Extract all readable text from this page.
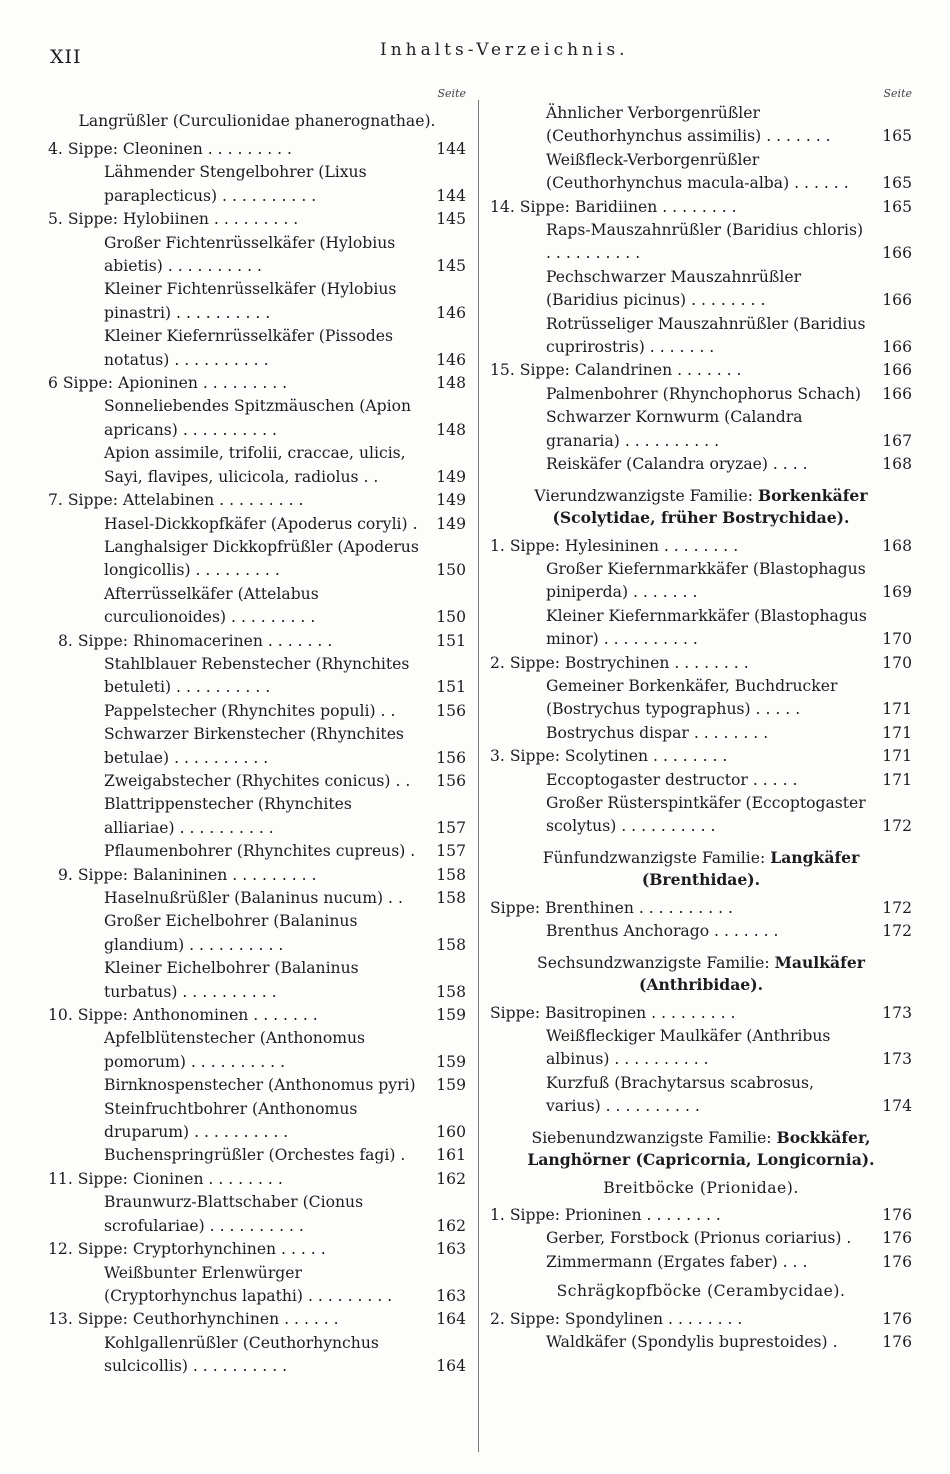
XII	Inhalts-Verzeichnis.
Seite
Langrüßler (Curculionidae phanerognathae).
4. Sippe: Cleoninen . . . . . . . . .	144
Lähmender Stengelbohrer (Lixus paraplecticus) . . . . . . . . . .	144
5. Sippe: Hylobiinen . . . . . . . . .	145
Großer Fichtenrüsselkäfer (Hylobius abietis) . . . . . . . . . .	145
Kleiner Fichtenrüsselkäfer (Hylobius pinastri) . . . . . . . . . .	146
Kleiner Kiefernrüsselkäfer (Pissodes notatus) . . . . . . . . . .	146
6 Sippe: Apioninen . . . . . . . . .	148
Sonneliebendes Spitzmäuschen (Apion apricans) . . . . . . . . . .	148
Apion assimile, trifolii, craccae, ulicis, Sayi, flavipes, ulicicola, radiolus . .	149
7. Sippe: Attelabinen . . . . . . . . .	149
Hasel-Dickkopfkäfer (Apoderus coryli) .	149
Langhalsiger Dickkopfrüßler (Apoderus longicollis) . . . . . . . . .	150
Afterrüsselkäfer (Attelabus curculionoides) . . . . . . . . .	150
8. Sippe: Rhinomacerinen . . . . . . .	151
Stahlblauer Rebenstecher (Rhynchites betuleti) . . . . . . . . . .	151
Pappelstecher (Rhynchites populi) . .	156
Schwarzer Birkenstecher (Rhynchites betulae) . . . . . . . . . .	156
Zweigabstecher (Rhychites conicus) . .	156
Blattrippenstecher (Rhynchites alliariae) . . . . . . . . . .	157
Pflaumenbohrer (Rhynchites cupreus) .	157
9. Sippe: Balanininen . . . . . . . . .	158
Haselnußrüßler (Balaninus nucum) . .	158
Großer Eichelbohrer (Balaninus glandium) . . . . . . . . . .	158
Kleiner Eichelbohrer (Balaninus turbatus) . . . . . . . . . .	158
10. Sippe: Anthonominen . . . . . . .	159
Apfelblütenstecher (Anthonomus pomorum) . . . . . . . . . .	159
Birnknospenstecher (Anthonomus pyri)	159
Steinfruchtbohrer (Anthonomus druparum) . . . . . . . . . .	160
Buchenspringrüßler (Orchestes fagi) .	161
11. Sippe: Cioninen . . . . . . . .	162
Braunwurz-Blattschaber (Cionus scrofulariae) . . . . . . . . . .	162
12. Sippe: Cryptorhynchinen . . . . .	163
Weißbunter Erlenwürger (Cryptorhynchus lapathi) . . . . . . . . .	163
13. Sippe: Ceuthorhynchinen . . . . . .	164
Kohlgallenrüßler (Ceuthorhynchus sulcicollis) . . . . . . . . . .	164
Seite
Ähnlicher Verborgenrüßler (Ceuthorhynchus assimilis) . . . . . . .	165
Weißfleck-Verborgenrüßler (Ceuthorhynchus macula-alba) . . . . . .	165
14. Sippe: Baridiinen . . . . . . . .	165
Raps-Mauszahnrüßler (Baridius chloris) . . . . . . . . . .	166
Pechschwarzer Mauszahnrüßler (Baridius picinus) . . . . . . . .	166
Rotrüsseliger Mauszahnrüßler (Baridius cuprirostris) . . . . . . .	166
15. Sippe: Calandrinen . . . . . . .	166
Palmenbohrer (Rhynchophorus Schach)	166
Schwarzer Kornwurm (Calandra granaria) . . . . . . . . . .	167
Reiskäfer (Calandra oryzae) . . . .	168
Vierundzwanzigste Familie: Borkenkäfer (Scolytidae, früher Bostrychidae).
1. Sippe: Hylesininen . . . . . . . .	168
Großer Kiefernmarkkäfer (Blastophagus piniperda) . . . . . . .	169
Kleiner Kiefernmarkkäfer (Blastophagus minor) . . . . . . . . . .	170
2. Sippe: Bostrychinen . . . . . . . .	170
Gemeiner Borkenkäfer, Buchdrucker (Bostrychus typographus) . . . . .	171
Bostrychus dispar . . . . . . . .	171
3. Sippe: Scolytinen . . . . . . . .	171
Eccoptogaster destructor . . . . .	171
Großer Rüsterspintkäfer (Eccoptogaster scolytus) . . . . . . . . . .	172
Fünfundzwanzigste Familie: Langkäfer (Brenthidae).
Sippe: Brenthinen . . . . . . . . . .	172
Brenthus Anchorago . . . . . . .	172
Sechsundzwanzigste Familie: Maulkäfer (Anthribidae).
Sippe: Basitropinen . . . . . . . . .	173
Weißfleckiger Maulkäfer (Anthribus albinus) . . . . . . . . . .	173
Kurzfuß (Brachytarsus scabrosus, varius) . . . . . . . . . .	174
Siebenundzwanzigste Familie: Bockkäfer, Langhörner (Capricornia, Longicornia).
Breitböcke (Prionidae).
1. Sippe: Prioninen . . . . . . . .	176
Gerber, Forstbock (Prionus coriarius) .	176
Zimmermann (Ergates faber) . . .	176
Schrägkopfböcke (Cerambycidae).
2. Sippe: Spondylinen . . . . . . . .	176
Waldkäfer (Spondylis buprestoides) .	176
